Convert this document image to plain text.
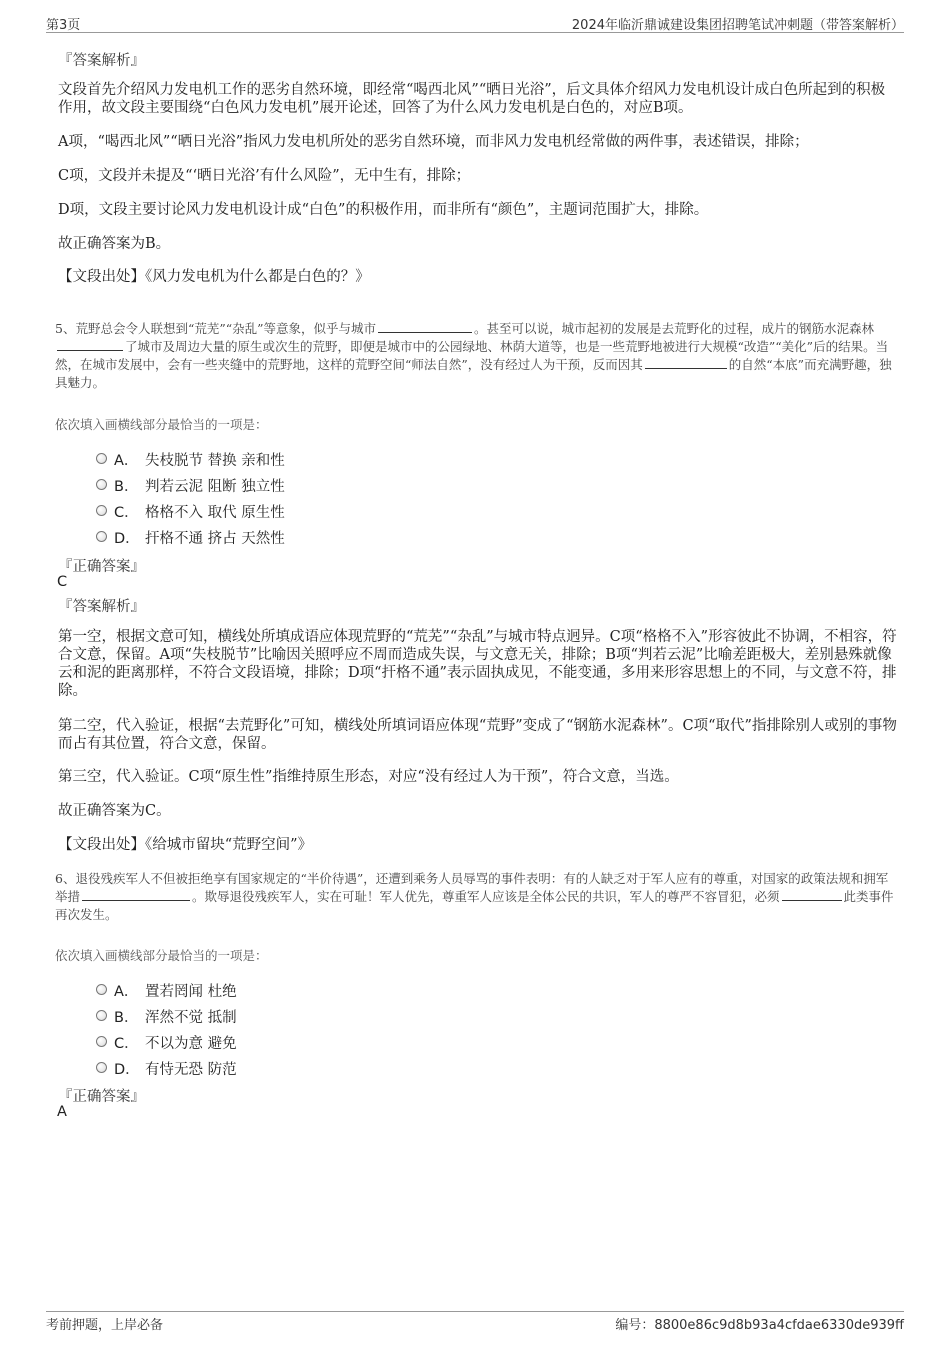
第3页	2024年临沂鼎诚建设集团招聘笔试冲刺题（带答案解析）
『答案解析』
文段首先介绍风力发电机工作的恶劣自然环境，即经常“喝西北风”“晒日光浴”，后文具体介绍风力发电机设计成白色所起到的积极作用，故文段主要围绕“白色风力发电机”展开论述，回答了为什么风力发电机是白色的，对应B项。
A项，“喝西北风”“晒日光浴”指风力发电机所处的恶劣自然环境，而非风力发电机经常做的两件事，表述错误，排除；
C项，文段并未提及“‘晒日光浴’有什么风险”，无中生有，排除；
D项，文段主要讨论风力发电机设计成“白色”的积极作用，而非所有“颜色”，主题词范围扩大，排除。
故正确答案为B。
【文段出处】《风力发电机为什么都是白色的？》
5、荒野总会令人联想到“荒芜”“杂乱”等意象，似乎与城市	。甚至可以说，城市起初的发展是去荒野化的过程，成片的钢筋水泥森林了城市及周边大量的原生或次生的荒野，即便是城市中的公园绿地、林荫大道等，也是一些荒野地被进行大规模“改造”“美化”后的结果。当然，在城市发展中，会有一些夹缝中的荒野地，这样的荒野空间“师法自然”，没有经过人为干预，反而因其	的自然“本底”而充满野趣，独具魅力。
依次填入画横线部分最恰当的一项是：
A． 失枝脱节 替换 亲和性
B． 判若云泥 阻断 独立性
C． 格格不入 取代 原生性
D． 扞格不通 挤占 天然性
『正确答案』
C
『答案解析』
第一空，根据文意可知，横线处所填成语应体现荒野的“荒芜”“杂乱”与城市特点迥异。C项“格格不入”形容彼此不协调，不相容，符合文意，保留。A项“失枝脱节”比喻因关照呼应不周而造成失误，与文意无关，排除；B项“判若云泥”比喻差距极大，差别悬殊就像云和泥的距离那样，不符合文段语境，排除；D项“扞格不通”表示固执成见，不能变通，多用来形容思想上的不同，与文意不符，排除。
第二空，代入验证，根据“去荒野化”可知，横线处所填词语应体现“荒野”变成了“钢筋水泥森林”。C项“取代”指排除别人或别的事物而占有其位置，符合文意，保留。
第三空，代入验证。C项“原生性”指维持原生形态，对应“没有经过人为干预”，符合文意，当选。
故正确答案为C。
【文段出处】《给城市留块“荒野空间”》
6、退役残疾军人不但被拒绝享有国家规定的“半价待遇”，还遭到乘务人员辱骂的事件表明：有的人缺乏对于军人应有的尊重，对国家的政策法规和拥军举措	。欺辱退役残疾军人，实在可耻！军人优先，尊重军人应该是全体公民的共识，军人的尊严不容冒犯，必须	此类事件再次发生。
依次填入画横线部分最恰当的一项是：
A． 置若罔闻 杜绝
B． 浑然不觉 抵制
C． 不以为意 避免
D． 有恃无恐 防范
『正确答案』
A
考前押题，上岸必备	编号：8800e86c9d8b93a4cfdae6330de939ff
